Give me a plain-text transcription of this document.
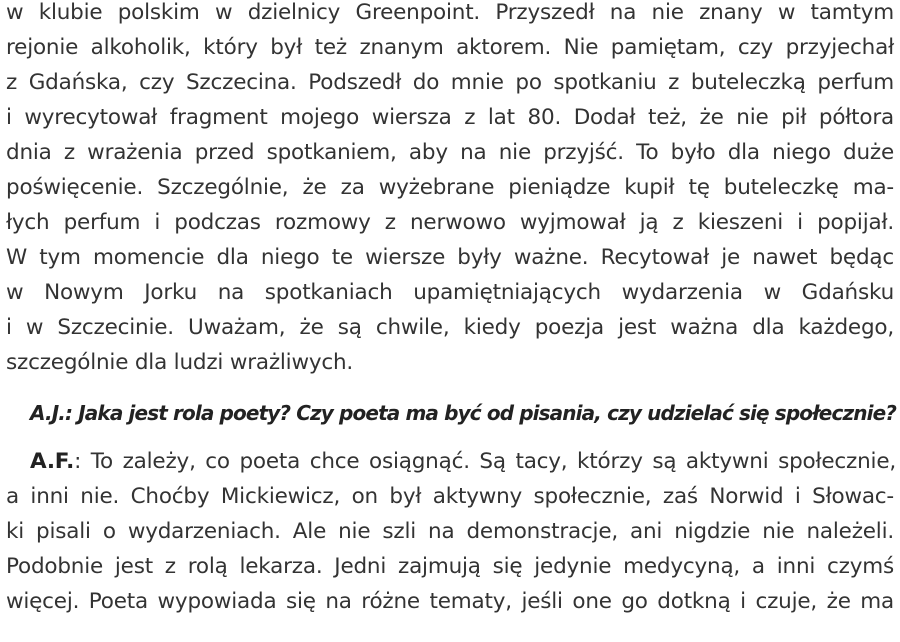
w klubie polskim w dzielnicy Greenpoint. Przyszedł na nie znany w tamtym
rejonie alkoholik, który był też znanym aktorem. Nie pamiętam, czy przyjechał
z Gdańska, czy Szczecina. Podszedł do mnie po spotkaniu z buteleczką perfum
i wyrecytował fragment mojego wiersza z lat 80. Dodał też, że nie pił półtora
dnia z wrażenia przed spotkaniem, aby na nie przyjść. To było dla niego duże
poświęcenie. Szczególnie, że za wyżebrane pieniądze kupił tę buteleczkę ma-
łych perfum i podczas rozmowy z nerwowo wyjmował ją z kieszeni i popijał.
W tym momencie dla niego te wiersze były ważne. Recytował je nawet będąc
w Nowym Jorku na spotkaniach upamiętniających wydarzenia w Gdańsku
i w Szczecinie. Uważam, że są chwile, kiedy poezja jest ważna dla każdego,
szczególnie dla ludzi wrażliwych.
A.J.: Jaka jest rola poety? Czy poeta ma być od pisania, czy udzielać się społecznie?
A.F.: To zależy, co poeta chce osiągnąć. Są tacy, którzy są aktywni społecznie,
a inni nie. Choćby Mickiewicz, on był aktywny społecznie, zaś Norwid i Słowac-
ki pisali o wydarzeniach. Ale nie szli na demonstracje, ani nigdzie nie należeli.
Podobnie jest z rolą lekarza. Jedni zajmują się jedynie medycyną, a inni czymś
więcej. Poeta wypowiada się na różne tematy, jeśli one go dotkną i czuje, że ma
